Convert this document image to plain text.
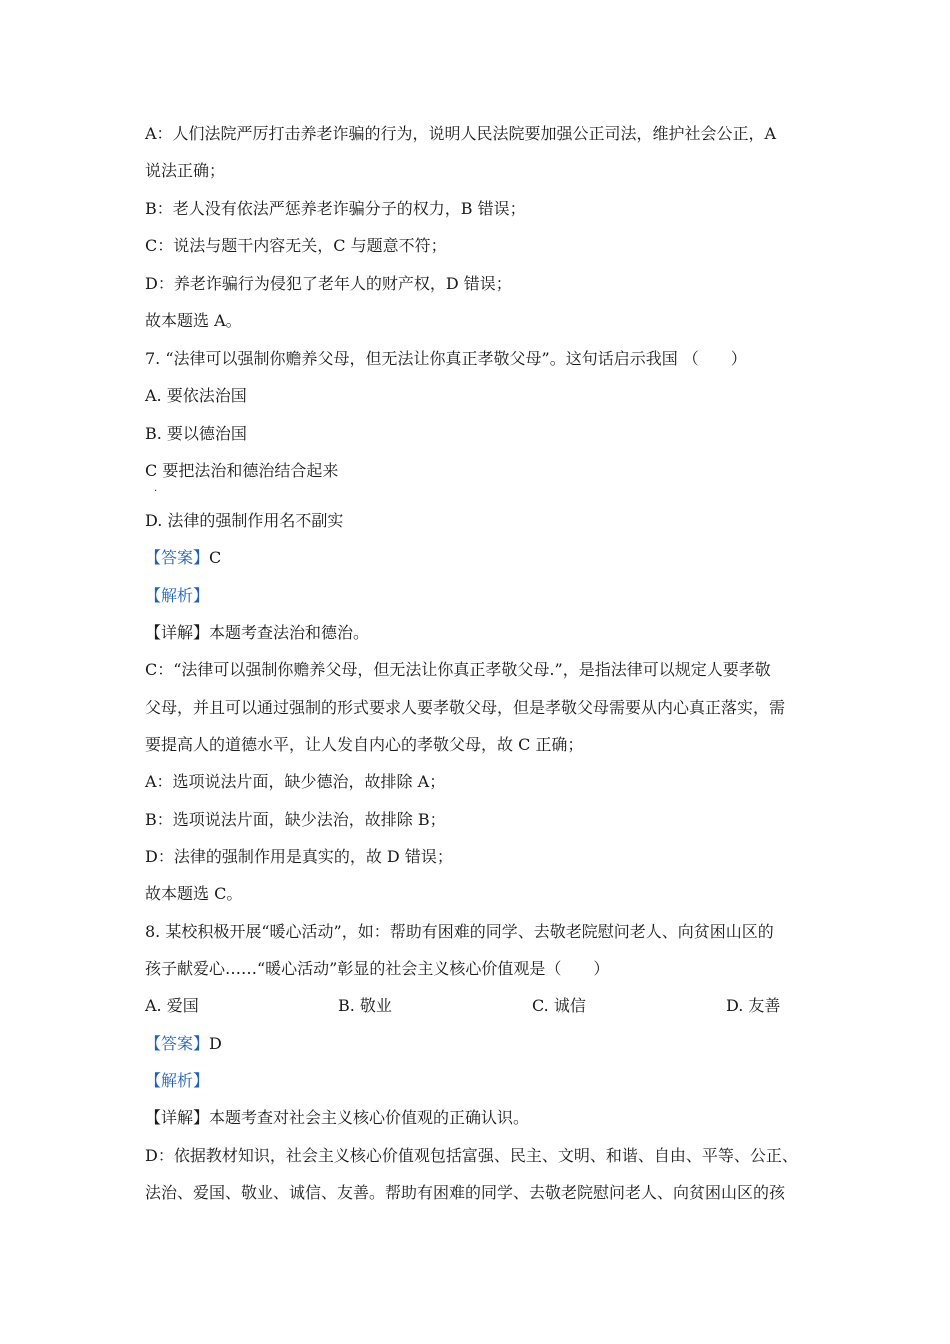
A：人们法院严厉打击养老诈骗的行为，说明人民法院要加强公正司法，维护社会公正，A
说法正确；
B：老人没有依法严惩养老诈骗分子的权力，B 错误；
C：说法与题干内容无关，C 与题意不符；
D：养老诈骗行为侵犯了老年人的财产权，D 错误；
故本题选 A。
7. “法律可以强制你赡养父母，但无法让你真正孝敬父母”。这句话启示我国 （　　）
A. 要依法治国
B. 要以德治国
C 要把法治和德治结合起来
.
D. 法律的强制作用名不副实
【答案】C
【解析】
【详解】本题考查法治和德治。
C：“法律可以强制你赡养父母，但无法让你真正孝敬父母.”，是指法律可以规定人要孝敬
父母，并且可以通过强制的形式要求人要孝敬父母，但是孝敬父母需要从内心真正落实，需
要提高人的道德水平，让人发自内心的孝敬父母，故 C 正确；
A：选项说法片面，缺少德治，故排除 A；
B：选项说法片面，缺少法治，故排除 B；
D：法律的强制作用是真实的，故 D 错误；
故本题选 C。
8. 某校积极开展“暖心活动”，如：帮助有困难的同学、去敬老院慰问老人、向贫困山区的
孩子献爱心……“暖心活动”彰显的社会主义核心价值观是（　　）
A. 爱国	B. 敬业	C. 诚信	D. 友善
【答案】D
【解析】
【详解】本题考查对社会主义核心价值观的正确认识。
D：依据教材知识，社会主义核心价值观包括富强、民主、文明、和谐、自由、平等、公正、
法治、爱国、敬业、诚信、友善。帮助有困难的同学、去敬老院慰问老人、向贫困山区的孩
